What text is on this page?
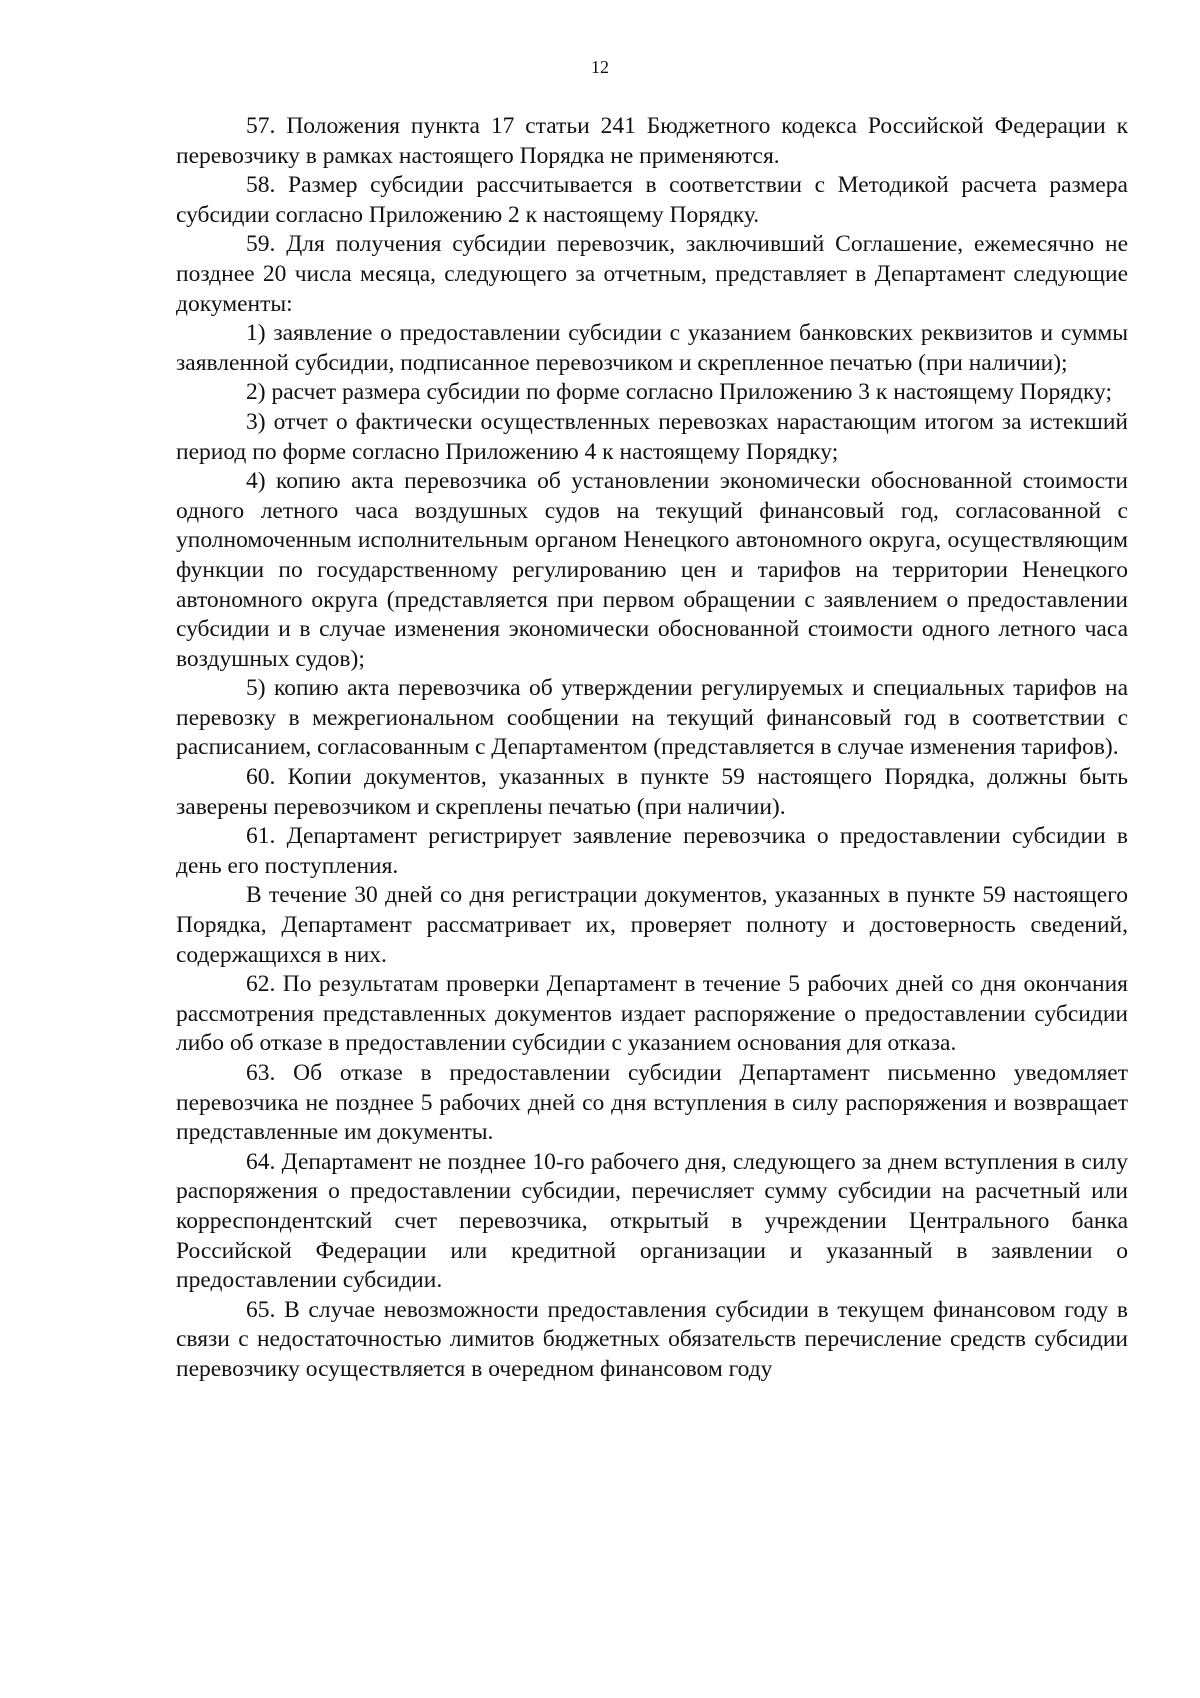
12

57. Положения пункта 17 статьи 241 Бюджетного кодекса Российской Федерации к перевозчику в рамках настоящего Порядка не применяются.

58. Размер субсидии рассчитывается в соответствии с Методикой расчета размера субсидии согласно Приложению 2 к настоящему Порядку.

59. Для получения субсидии перевозчик, заключивший Соглашение, ежемесячно не позднее 20 числа месяца, следующего за отчетным, представляет в Департамент следующие документы:

1) заявление о предоставлении субсидии с указанием банковских реквизитов и суммы заявленной субсидии, подписанное перевозчиком и скрепленное печатью (при наличии);

2) расчет размера субсидии по форме согласно Приложению 3 к настоящему Порядку;

3) отчет о фактически осуществленных перевозках нарастающим итогом за истекший период по форме согласно Приложению 4 к настоящему Порядку;

4) копию акта перевозчика об установлении экономически обоснованной стоимости одного летного часа воздушных судов на текущий финансовый год, согласованной с уполномоченным исполнительным органом Ненецкого автономного округа, осуществляющим функции по государственному регулированию цен и тарифов на территории Ненецкого автономного округа (представляется при первом обращении с заявлением о предоставлении субсидии и в случае изменения экономически обоснованной стоимости одного летного часа воздушных судов);

5) копию акта перевозчика об утверждении регулируемых и специальных тарифов на перевозку в межрегиональном сообщении на текущий финансовый год в соответствии с расписанием, согласованным с Департаментом (представляется в случае изменения тарифов).

60. Копии документов, указанных в пункте 59 настоящего Порядка, должны быть заверены перевозчиком и скреплены печатью (при наличии).

61. Департамент регистрирует заявление перевозчика о предоставлении субсидии в день его поступления.

В течение 30 дней со дня регистрации документов, указанных в пункте 59 настоящего Порядка, Департамент рассматривает их, проверяет полноту и достоверность сведений, содержащихся в них.

62. По результатам проверки Департамент в течение 5 рабочих дней со дня окончания рассмотрения представленных документов издает распоряжение о предоставлении субсидии либо об отказе в предоставлении субсидии с указанием основания для отказа.

63. Об отказе в предоставлении субсидии Департамент письменно уведомляет перевозчика не позднее 5 рабочих дней со дня вступления в силу распоряжения и возвращает представленные им документы.

64. Департамент не позднее 10-го рабочего дня, следующего за днем вступления в силу распоряжения о предоставлении субсидии, перечисляет сумму субсидии на расчетный или корреспондентский счет перевозчика, открытый в учреждении Центрального банка Российской Федерации или кредитной организации и указанный в заявлении о предоставлении субсидии.

65. В случае невозможности предоставления субсидии в текущем финансовом году в связи с недостаточностью лимитов бюджетных обязательств перечисление средств субсидии перевозчику осуществляется в очередном финансовом году
